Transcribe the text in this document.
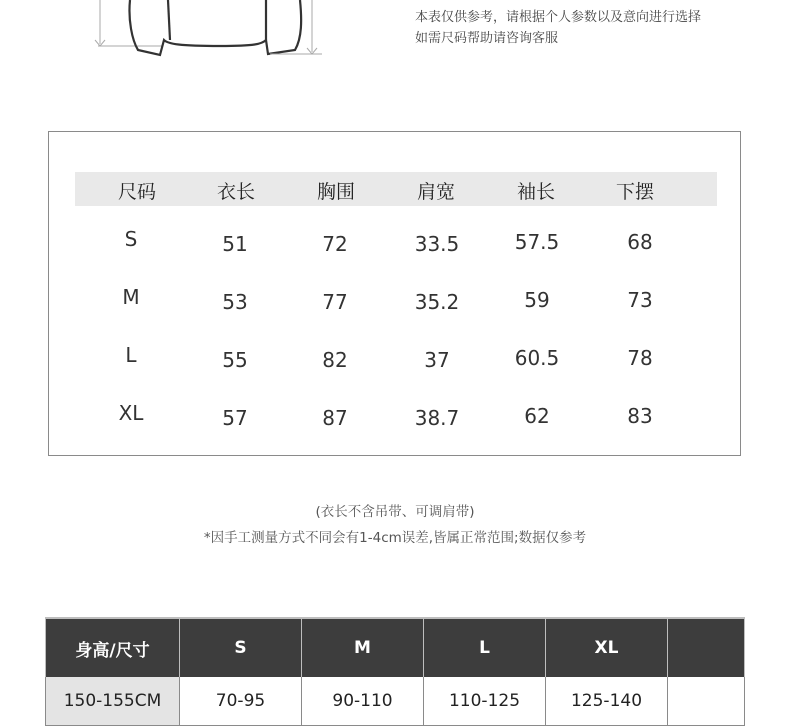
本表仅供参考，请根据个人参数以及意向进行选择
如需尺码帮助请咨询客服
尺码	衣长	胸围	肩宽	袖长	下摆
S	51	72	33.5	57.5	68
M	53	77	35.2	59	73
L	55	82	37	60.5	78
XL	57	87	38.7	62	83
(衣长不含吊带、可调肩带)
*因手工测量方式不同会有1-4cm误差,皆属正常范围;数据仅参考
身高/尺寸	S	M	L	XL	
150-155CM	70-95	90-110	110-125	125-140	
